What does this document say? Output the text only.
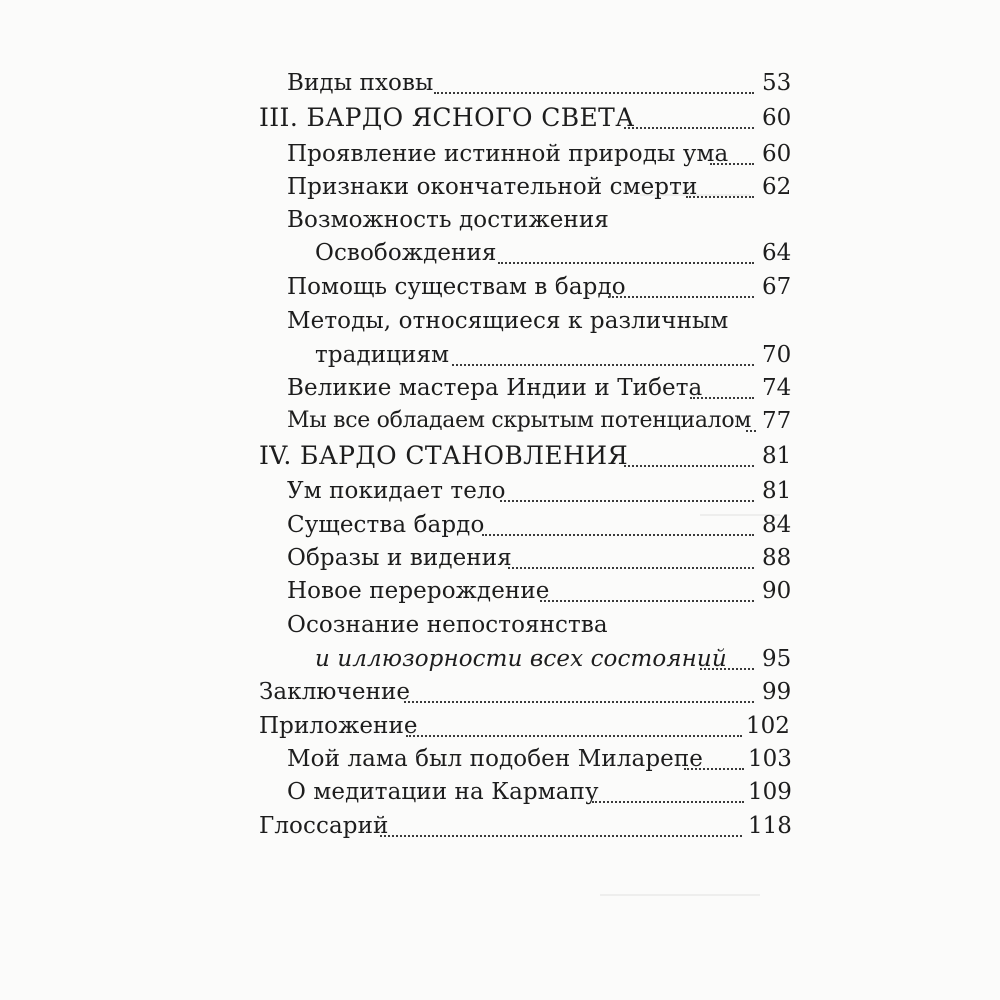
Виды пховы	53
III. БАРДО ЯСНОГО СВЕТА	60
Проявление истинной природы ума 60
Признаки окончательной смерти	62
Возможность достижения
Освобождения	64
Помощь существам в бардо	67
Методы, относящиеся к различным
традициям	70
Великие мастера Индии и Тибета	74
Мы все обладаем скрытым потенциалом 77
IV. БАРДО СТАНОВЛЕНИЯ	81
Ум покидает тело	81
Существа бардо	84
Образы и видения	88
Новое перерождение	90
Осознание непостоянства
и иллюзорности всех состояний 95
Заключение	99
Приложение	102
Мой лама был подобен Миларепе 103
О медитации на Кармапу	109
Глоссарий	118
